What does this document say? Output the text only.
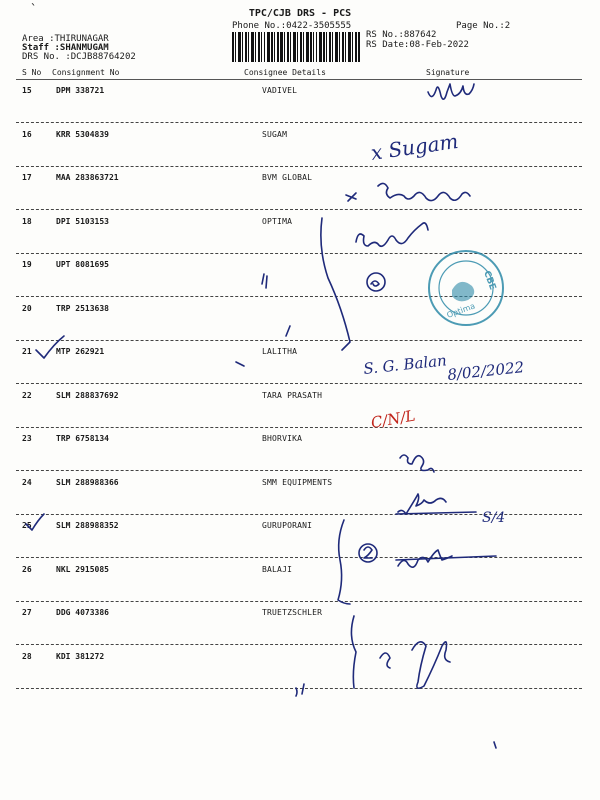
TPC/CJB DRS - PCS
Phone No.:0422-3505555	Page No.:2
Area :THIRUNAGAR
Staff :SHANMUGAM
DRS No. :DCJB88764202
RS No.:887642
RS Date:08-Feb-2022
S No Consignment No	Consignee Details	Signature
15	DPM 338721	VADIVEL
16	KRR 5304839	SUGAM
17	MAA 283863721	BVM GLOBAL
18	DPI 5103153	OPTIMA
19	UPT 8081695
20	TRP 2513638
21	MTP 262921	LALITHA
22	SLM 288837692	TARA PRASATH
23	TRP 6758134	BHORVIKA
24	SLM 288988366	SMM EQUIPMENTS
25	SLM 288988352	GURUPORANI
26	NKL 2915085	BALAJI
27	DDG 4073386	TRUETZSCHLER
28	KDI 381272
x Sugam
S. G. Balan
8/02/2022
S/4
C/N/L
CBE
Optima
`
